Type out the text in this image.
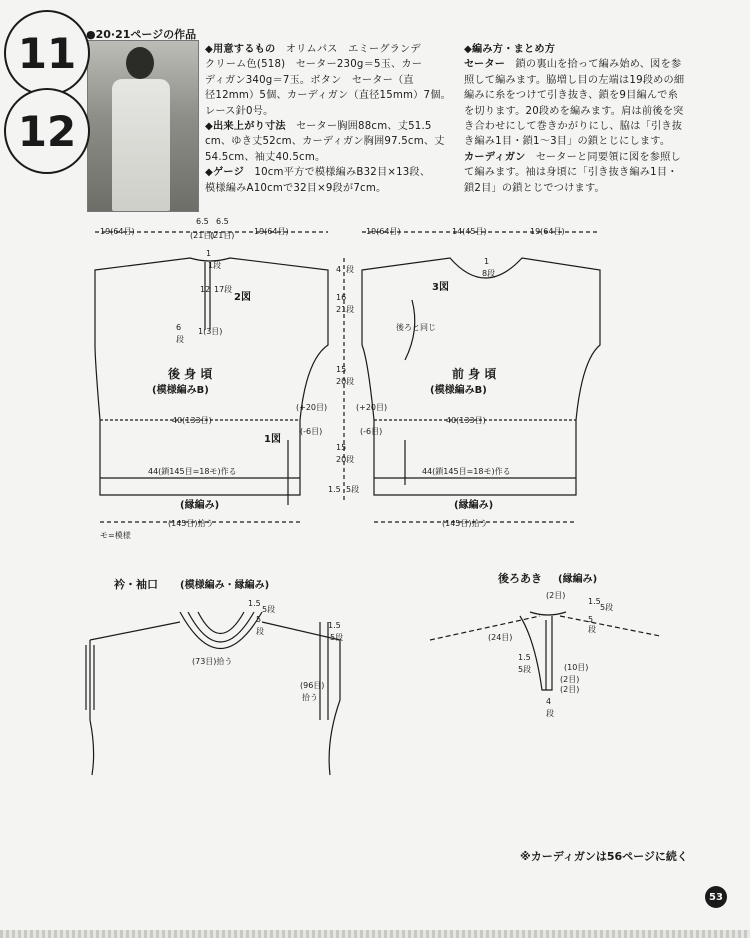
●20·21ページの作品
11
12

◆用意するもの　 オリムパス　エミーグランデ

クリーム色(518)　セーター230g＝5玉、カー

ディガン340g＝7玉。ボタン　セーター（直

径12mm）5個、カーディガン（直径15mm）7個。

レース針0号。

◆出来上がり寸法　 セーター胸囲88cm、丈51.5

cm、ゆき丈52cm、カーディガン胸囲97.5cm、丈

54.5cm、袖丈40.5cm。

◆ゲージ　 10cm平方で模様編みB32目×13段、

模様編みA10cmで32目×9段が7cm。

◆編み方・まとめ方

セーター　 鎖の裏山を拾って編み始め、図を参

照して編みます。脇増し目の左端は19段めの細

編みに糸をつけて引き抜き、鎖を9目編んで糸

を切ります。20段めを編みます。肩は前後を突

き合わせにして巻きかがりにし、脇は「引き抜

き編み1目・鎖1～3目」の鎖とじにします。

カーディガン　 セーターと同要領に図を参照し

て編みます。袖は身頃に「引き抜き編み1目・

鎖2目」の鎖とじでつけます。

19(64目)
6.5
(21目)
6.5
(21目) 19(64目)
1
1段
12 17段
6
段
1(3目)
2図
後 身 頃
(模様編みB)
40(133目)
1図
44(鎖145目=18モ)作る
(縁編み)
(145目)拾う
モ=模様
4 段
16
21段
15
20段
(+20目)
(-6目)
15
20段
1.5 5段
19(64目)	14(45目)	19(64目)
1
8段
3図
後ろと同じ
前 身 頃
(模様編みB)
(+20目)
(-6目)
40(133目)
44(鎖145目=18モ)作る
(縁編み)
(145目)拾う
衿・袖口 (模様編み・縁編み)
1.5
5段
5
段
(73目)拾う
1.5
5段
(96目)
拾う
後ろあき (縁編み)
(2目)
1.5
5段
5
段
(24目)
1.5
5段	(10目)
(2目)
(2目)
4
段
※カーディガンは56ページに続く
53
